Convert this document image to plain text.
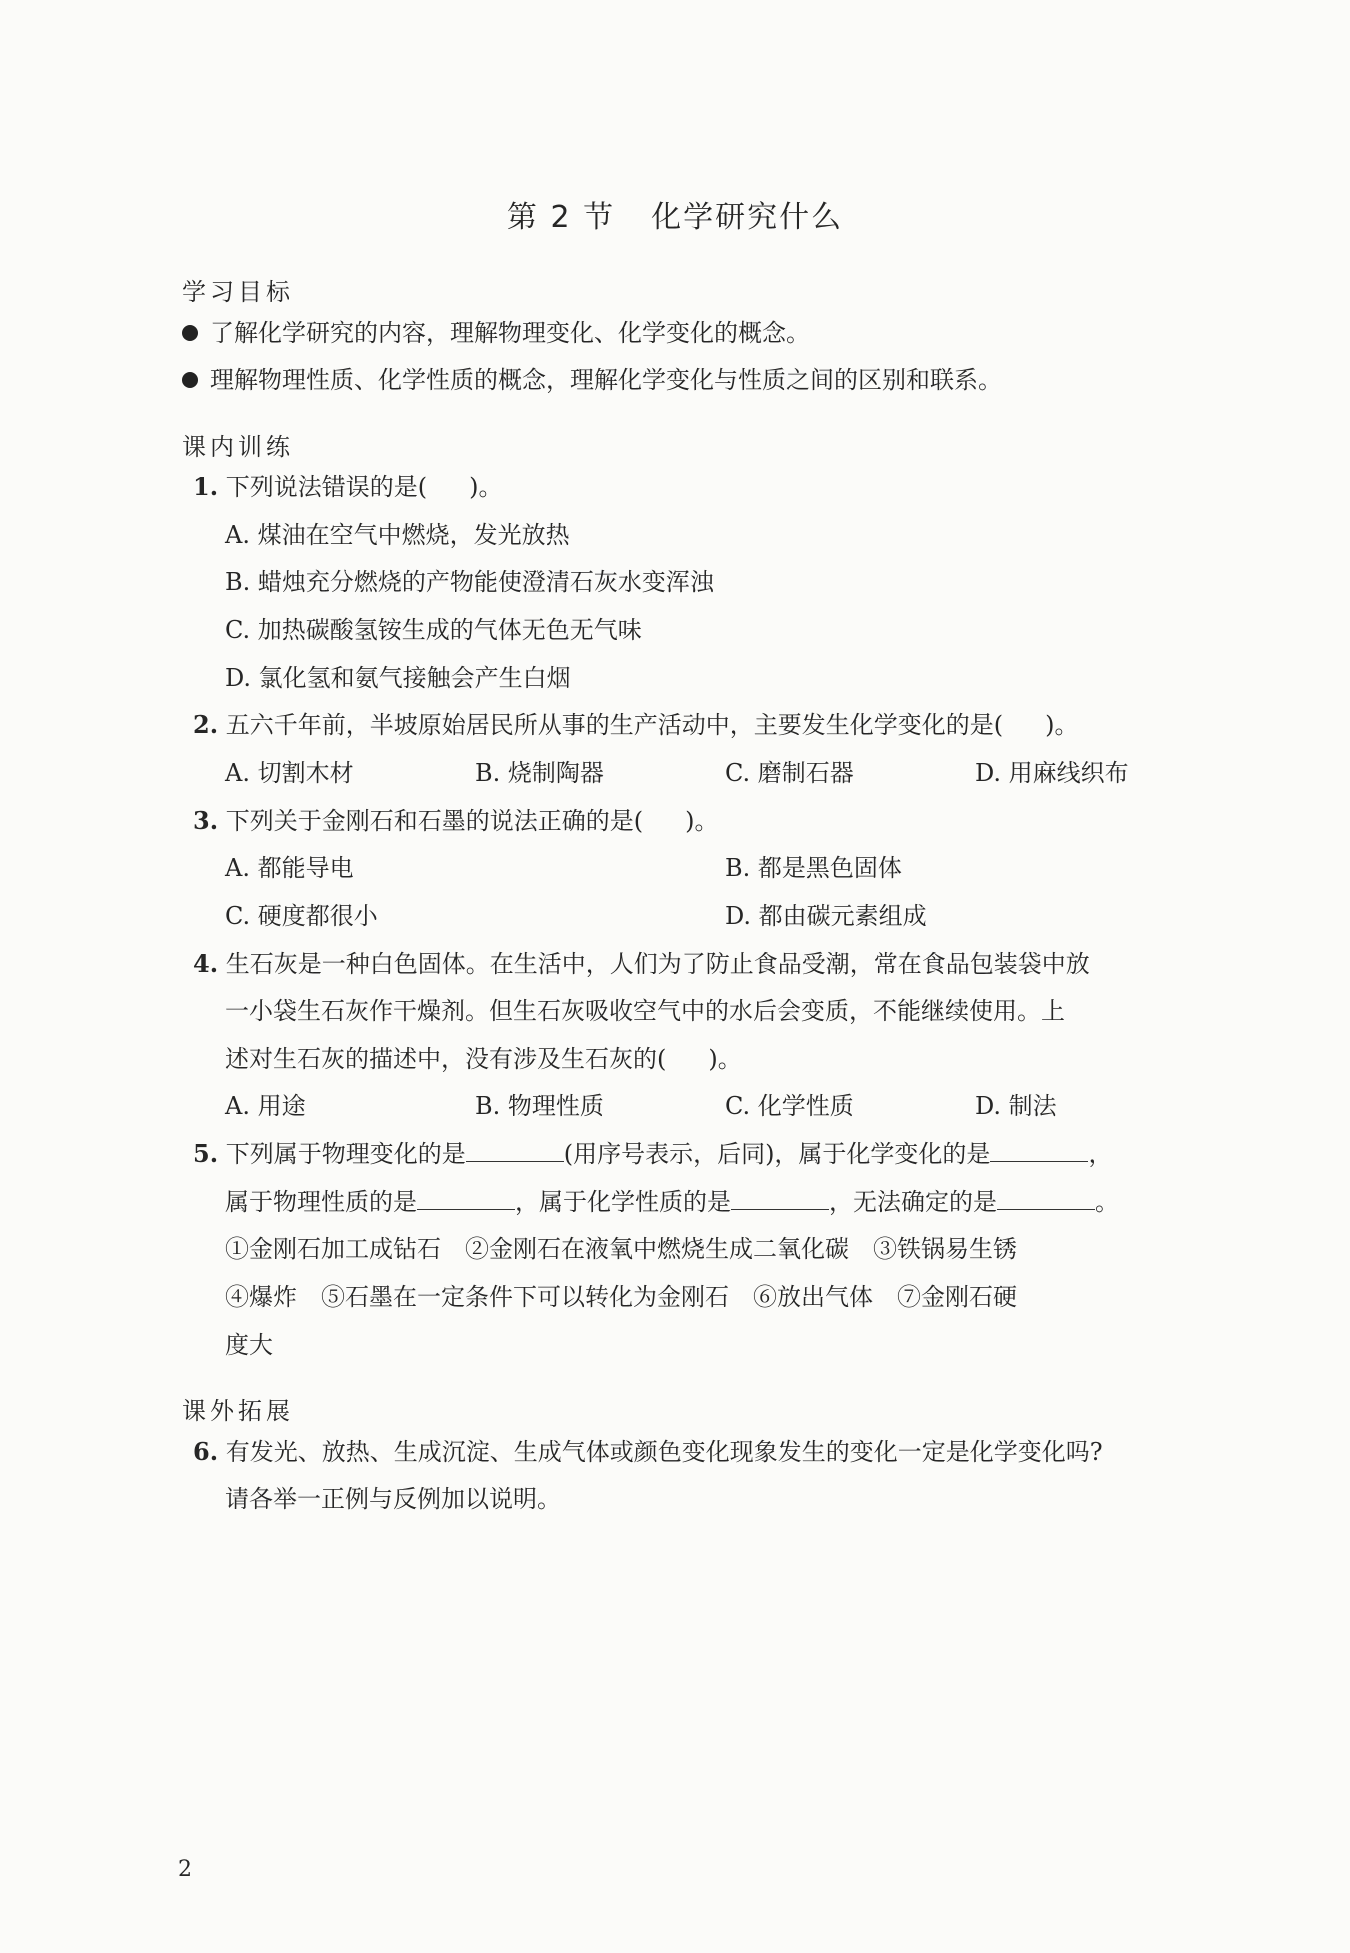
第 2 节 化学研究什么
学习目标
了解化学研究的内容，理解物理变化、化学变化的概念。
理解物理性质、化学性质的概念，理解化学变化与性质之间的区别和联系。
课内训练
1. 下列说法错误的是( )。
A. 煤油在空气中燃烧，发光放热
B. 蜡烛充分燃烧的产物能使澄清石灰水变浑浊
C. 加热碳酸氢铵生成的气体无色无气味
D. 氯化氢和氨气接触会产生白烟
2. 五六千年前，半坡原始居民所从事的生产活动中，主要发生化学变化的是( )。
A. 切割木材	B. 烧制陶器	C. 磨制石器	D. 用麻线织布
3. 下列关于金刚石和石墨的说法正确的是( )。
A. 都能导电	B. 都是黑色固体
C. 硬度都很小	D. 都由碳元素组成
4. 生石灰是一种白色固体。在生活中，人们为了防止食品受潮，常在食品包装袋中放
一小袋生石灰作干燥剂。但生石灰吸收空气中的水后会变质，不能继续使用。上
述对生石灰的描述中，没有涉及生石灰的( )。
A. 用途	B. 物理性质	C. 化学性质	D. 制法
5. 下列属于物理变化的是	(用序号表示，后同)，属于化学变化的是	，
属于物理性质的是	，属于化学性质的是	，无法确定的是	。
①金刚石加工成钻石　②金刚石在液氧中燃烧生成二氧化碳　③铁锅易生锈
④爆炸　⑤石墨在一定条件下可以转化为金刚石　⑥放出气体　⑦金刚石硬
度大
课外拓展
6. 有发光、放热、生成沉淀、生成气体或颜色变化现象发生的变化一定是化学变化吗?
请各举一正例与反例加以说明。
2
